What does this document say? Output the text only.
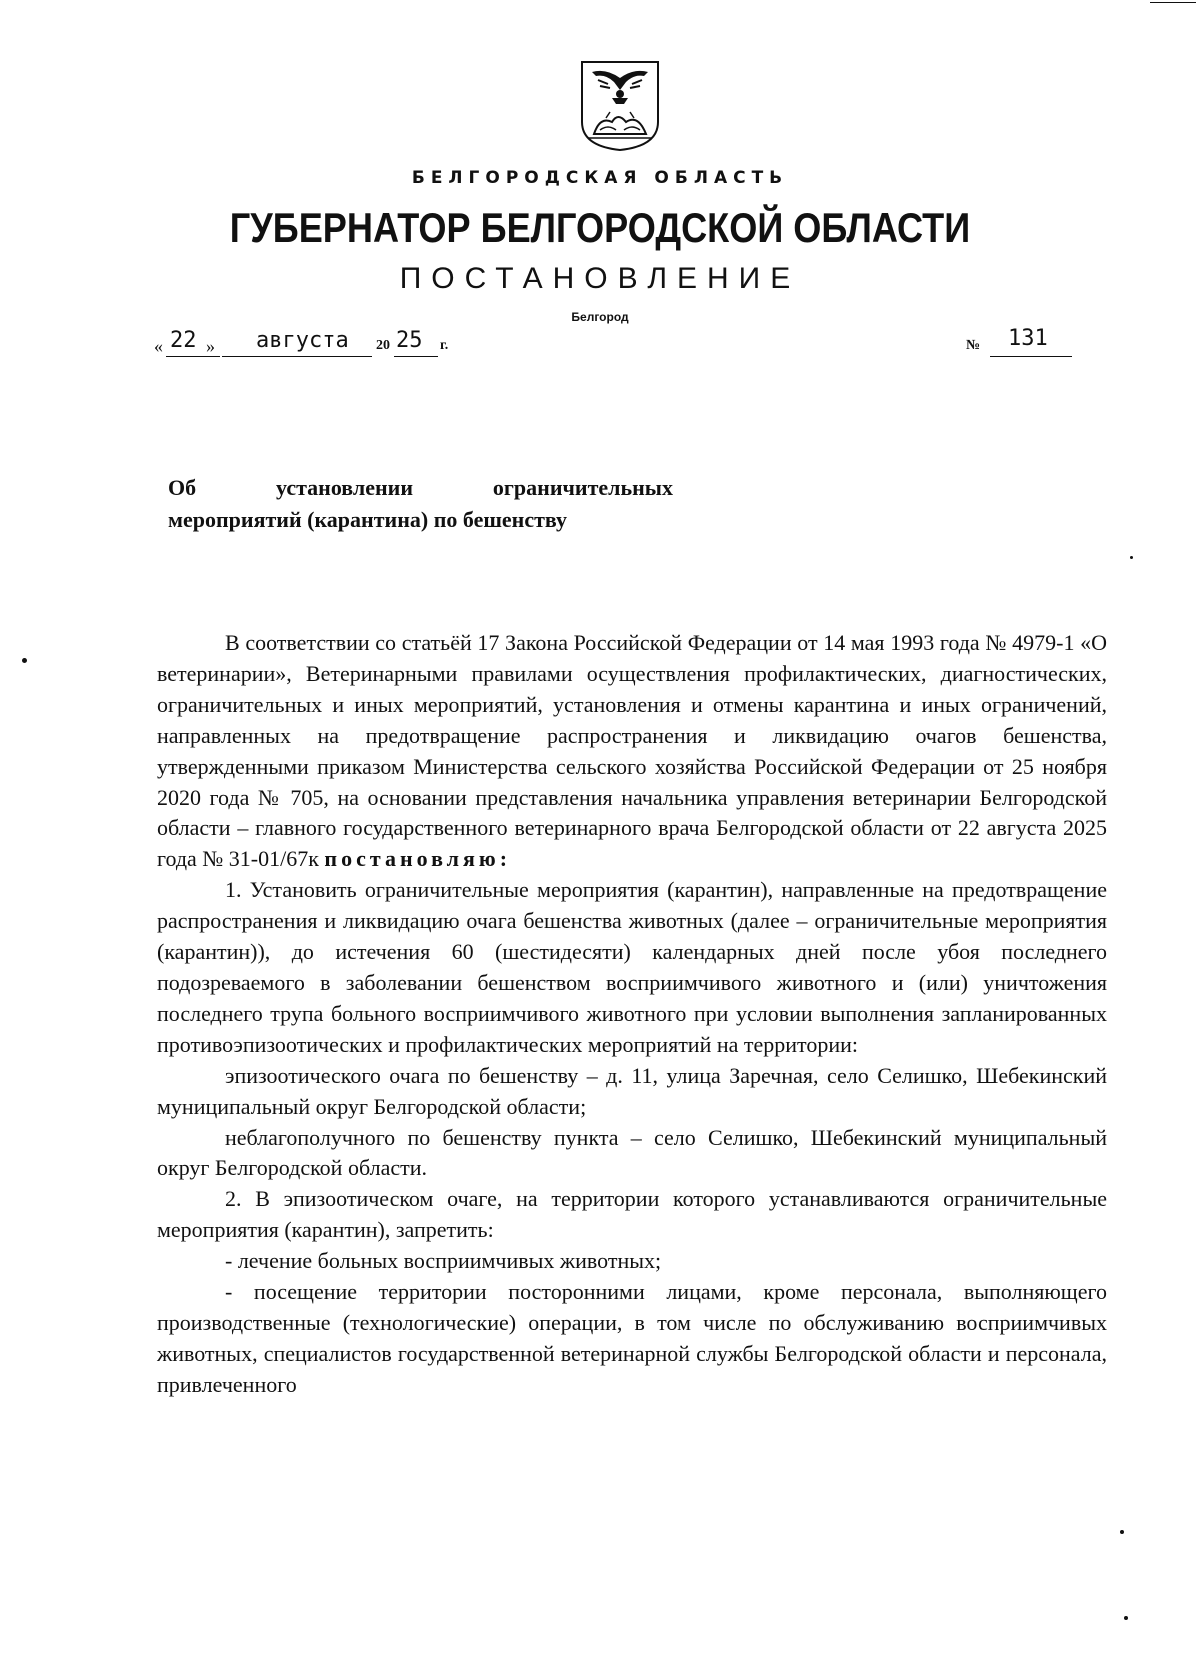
БЕЛГОРОДСКАЯ ОБЛАСТЬ
ГУБЕРНАТОР БЕЛГОРОДСКОЙ ОБЛАСТИ
ПОСТАНОВЛЕНИЕ
Белгород
« 22 » августа 20 25 г.	№ 131
Об установлении ограничительных
мероприятий (карантина) по бешенству

В соответствии со статьёй 17 Закона Российской Федерации от 14 мая 1993 года № 4979-1 «О ветеринарии», Ветеринарными правилами осуществления профилактических, диагностических, ограничительных и иных мероприятий, установления и отмены карантина и иных ограничений, направленных на предотвращение распространения и ликвидацию очагов бешенства, утвержденными приказом Министерства сельского хозяйства Российской Федерации от 25 ноября 2020 года № 705, на основании представления начальника управления ветеринарии Белгородской области – главного государственного ветеринарного врача Белгородской области от 22 августа 2025 года № 31-01/67к постановляю:

1. Установить ограничительные мероприятия (карантин), направленные на предотвращение распространения и ликвидацию очага бешенства животных (далее – ограничительные мероприятия (карантин)), до истечения 60 (шестидесяти) календарных дней после убоя последнего подозреваемого в заболевании бешенством восприимчивого животного и (или) уничтожения последнего трупа больного восприимчивого животного при условии выполнения запланированных противоэпизоотических и профилактических мероприятий на территории:

эпизоотического очага по бешенству – д. 11, улица Заречная, село Селишко, Шебекинский муниципальный округ Белгородской области;

неблагополучного по бешенству пункта – село Селишко, Шебекинский муниципальный округ Белгородской области.

2. В эпизоотическом очаге, на территории которого устанавливаются ограничительные мероприятия (карантин), запретить:

- лечение больных восприимчивых животных;

- посещение территории посторонними лицами, кроме персонала, выполняющего производственные (технологические) операции, в том числе по обслуживанию восприимчивых животных, специалистов государственной ветеринарной службы Белгородской области и персонала, привлеченного
